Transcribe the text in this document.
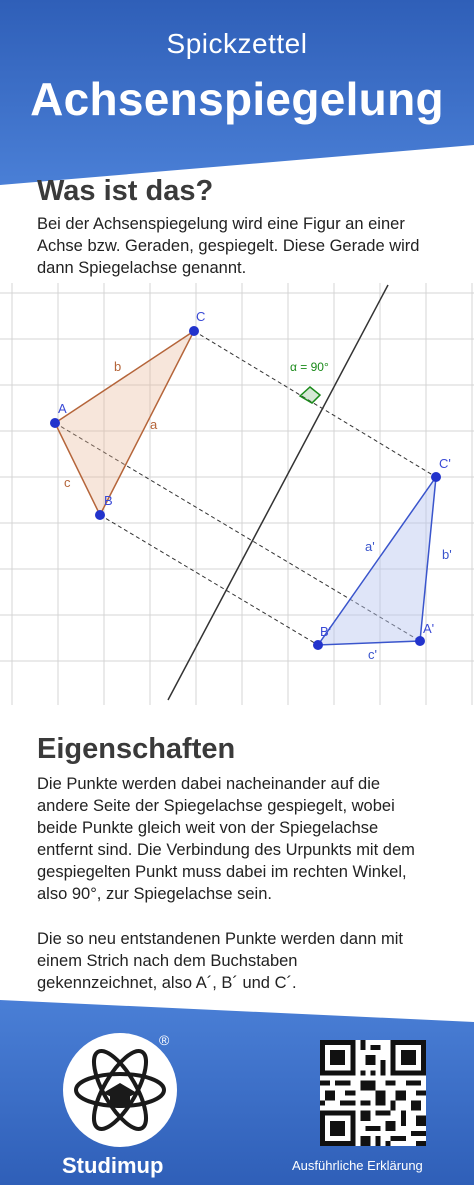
Spickzettel
Achsenspiegelung
Was ist das?
Bei der Achsenspiegelung wird eine Figur an einer
Achse bzw. Geraden, gespiegelt. Diese Gerade wird
dann Spiegelachse genannt.
α = 90°
C
A
B
C'
A'
B'
b
a
c
a'
b'
c'
Eigenschaften
Die Punkte werden dabei nacheinander auf die
andere Seite der Spiegelachse gespiegelt, wobei
beide Punkte gleich weit von der Spiegelachse
entfernt sind. Die Verbindung des Urpunkts mit dem
gespiegelten Punkt muss dabei im rechten Winkel,
also 90°, zur Spiegelachse sein.
Die so neu entstandenen Punkte werden dann mit
einem Strich nach dem Buchstaben
gekennzeichnet, also A´, B´ und C´.
®
Studimup	Ausführliche Erklärung
